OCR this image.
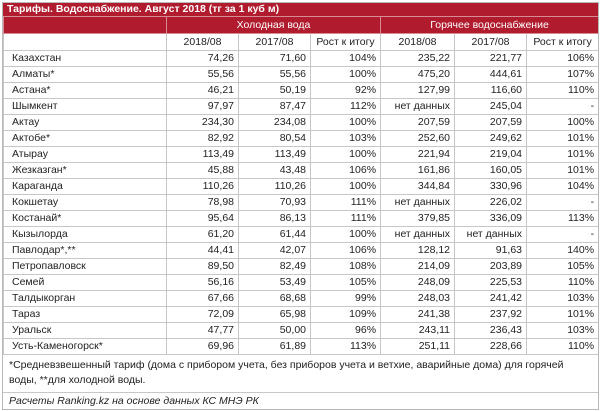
Тарифы. Водоснабжение. Август 2018 (тг за 1 куб м)
	Холодная вода			Горячее водоснабжение		
	2018/08	2017/08	Рост к итогу	2018/08	2017/08	Рост к итогу
Казахстан	74,26	71,60	104%	235,22	221,77	106%
Алматы*	55,56	55,56	100%	475,20	444,61	107%
Астана*	46,21	50,19	92%	127,99	116,60	110%
Шымкент	97,97	87,47	112%	нет данных	245,04	-
Актау	234,30	234,08	100%	207,59	207,59	100%
Актобе*	82,92	80,54	103%	252,60	249,62	101%
Атырау	113,49	113,49	100%	221,94	219,04	101%
Жезказган*	45,88	43,48	106%	161,86	160,05	101%
Караганда	110,26	110,26	100%	344,84	330,96	104%
Кокшетау	78,98	70,93	111%	нет данных	226,02	-
Костанай*	95,64	86,13	111%	379,85	336,09	113%
Кызылорда	61,20	61,44	100%	нет данных	нет данных	-
Павлодар*,**	44,41	42,07	106%	128,12	91,63	140%
Петропавловск	89,50	82,49	108%	214,09	203,89	105%
Семей	56,16	53,49	105%	248,09	225,53	110%
Талдыкорган	67,66	68,68	99%	248,03	241,42	103%
Тараз	72,09	65,98	109%	241,38	237,92	101%
Уральск	47,77	50,00	96%	243,11	236,43	103%
Усть-Каменогорск*	69,96	61,89	113%	251,11	228,66	110%
*Средневзвешенный тариф (дома с прибором учета, без приборов учета и ветхие, аварийные дома) для горячей воды, **для холодной воды.
Расчеты Ranking.kz на основе данных КС МНЭ РК
